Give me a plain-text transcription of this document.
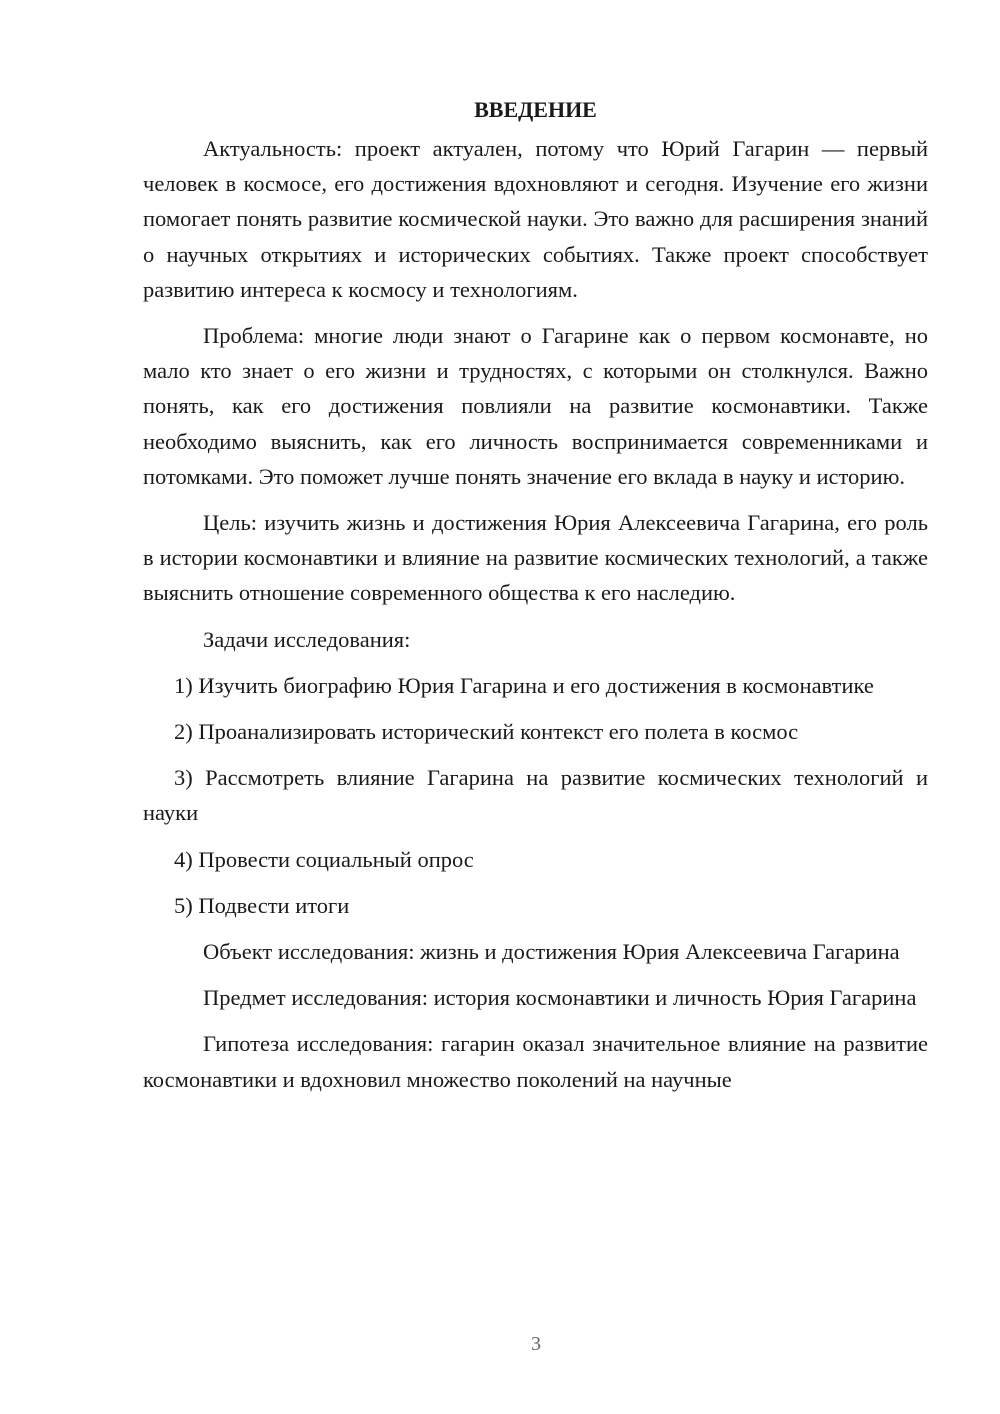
ВВЕДЕНИЕ

Актуальность: проект актуален, потому что Юрий Гагарин — первый человек в космосе, его достижения вдохновляют и сегодня. Изучение его жизни помогает понять развитие космической науки. Это важно для расширения знаний о научных открытиях и исторических событиях. Также проект способствует развитию интереса к космосу и технологиям.

Проблема: многие люди знают о Гагарине как о первом космонавте, но мало кто знает о его жизни и трудностях, с которыми он столкнулся. Важно понять, как его достижения повлияли на развитие космонавтики. Также необходимо выяснить, как его личность воспринимается современниками и потомками. Это поможет лучше понять значение его вклада в науку и историю.

Цель: изучить жизнь и достижения Юрия Алексеевича Гагарина, его роль в истории космонавтики и влияние на развитие космических технологий, а также выяснить отношение современного общества к его наследию.

Задачи исследования:

1) Изучить биографию Юрия Гагарина и его достижения в космонавтике

2) Проанализировать исторический контекст его полета в космос

3) Рассмотреть влияние Гагарина на развитие космических технологий и науки

4) Провести социальный опрос

5) Подвести итоги

Объект исследования: жизнь и достижения Юрия Алексеевича Гагарина

Предмет исследования: история космонавтики и личность Юрия Гагарина

Гипотеза исследования: гагарин оказал значительное влияние на развитие космонавтики и вдохновил множество поколений на научные

3
